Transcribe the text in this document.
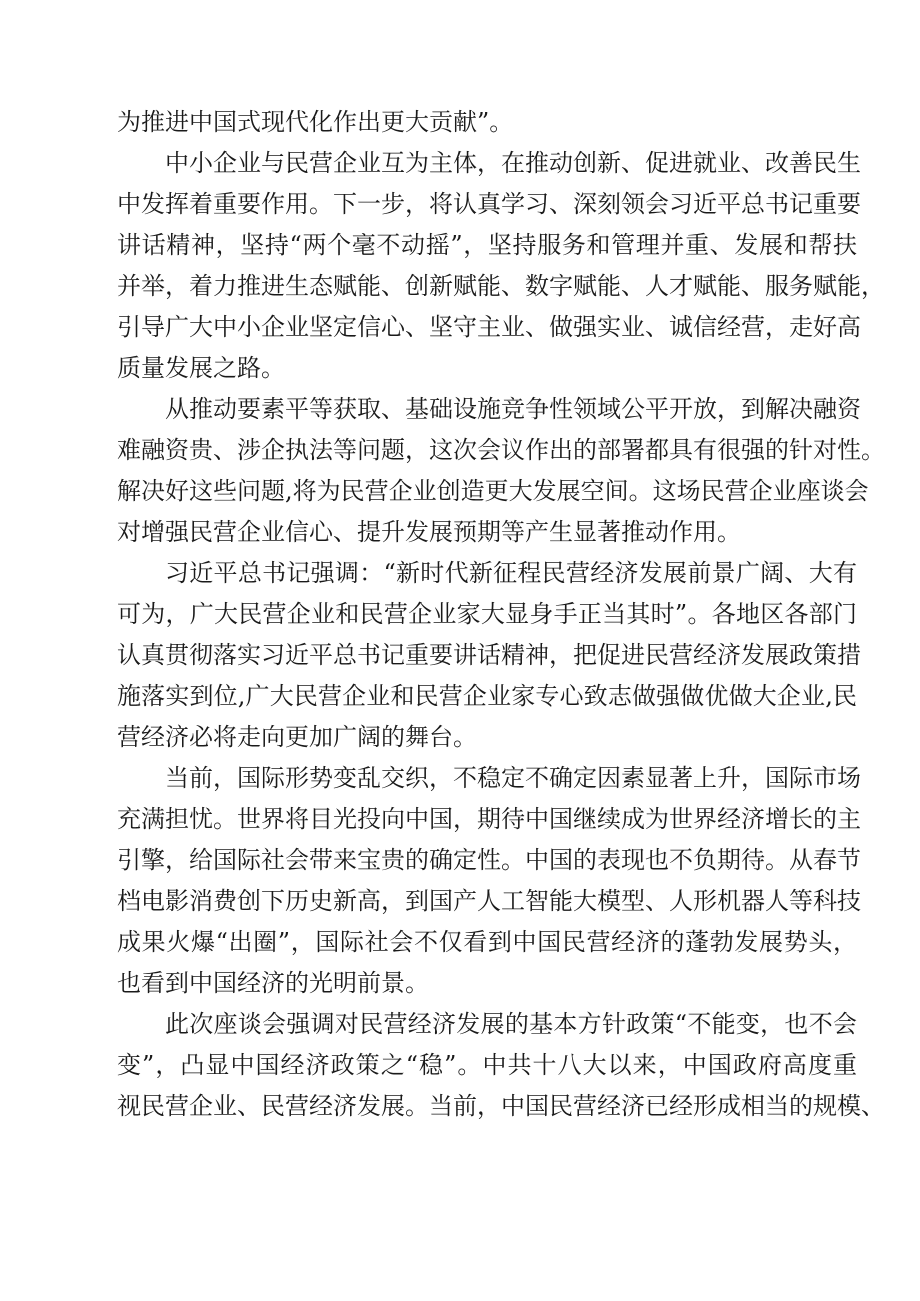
为推进中国式现代化作出更大贡献”。
中小企业与民营企业互为主体，在推动创新、促进就业、改善民生
中发挥着重要作用。下一步，将认真学习、深刻领会习近平总书记重要
讲话精神，坚持“两个毫不动摇”，坚持服务和管理并重、发展和帮扶
并举，着力推进生态赋能、创新赋能、数字赋能、人才赋能、服务赋能，
引导广大中小企业坚定信心、坚守主业、做强实业、诚信经营，走好高
质量发展之路。
从推动要素平等获取、基础设施竞争性领域公平开放，到解决融资
难融资贵、涉企执法等问题，这次会议作出的部署都具有很强的针对性。
解决好这些问题,将为民营企业创造更大发展空间。这场民营企业座谈会
对增强民营企业信心、提升发展预期等产生显著推动作用。
习近平总书记强调：“新时代新征程民营经济发展前景广阔、大有
可为，广大民营企业和民营企业家大显身手正当其时”。各地区各部门
认真贯彻落实习近平总书记重要讲话精神，把促进民营经济发展政策措
施落实到位,广大民营企业和民营企业家专心致志做强做优做大企业,民
营经济必将走向更加广阔的舞台。
当前，国际形势变乱交织，不稳定不确定因素显著上升，国际市场
充满担忧。世界将目光投向中国，期待中国继续成为世界经济增长的主
引擎，给国际社会带来宝贵的确定性。中国的表现也不负期待。从春节
档电影消费创下历史新高，到国产人工智能大模型、人形机器人等科技
成果火爆“出圈”，国际社会不仅看到中国民营经济的蓬勃发展势头，
也看到中国经济的光明前景。
此次座谈会强调对民营经济发展的基本方针政策“不能变，也不会
变”，凸显中国经济政策之“稳”。中共十八大以来，中国政府高度重
视民营企业、民营经济发展。当前，中国民营经济已经形成相当的规模、
